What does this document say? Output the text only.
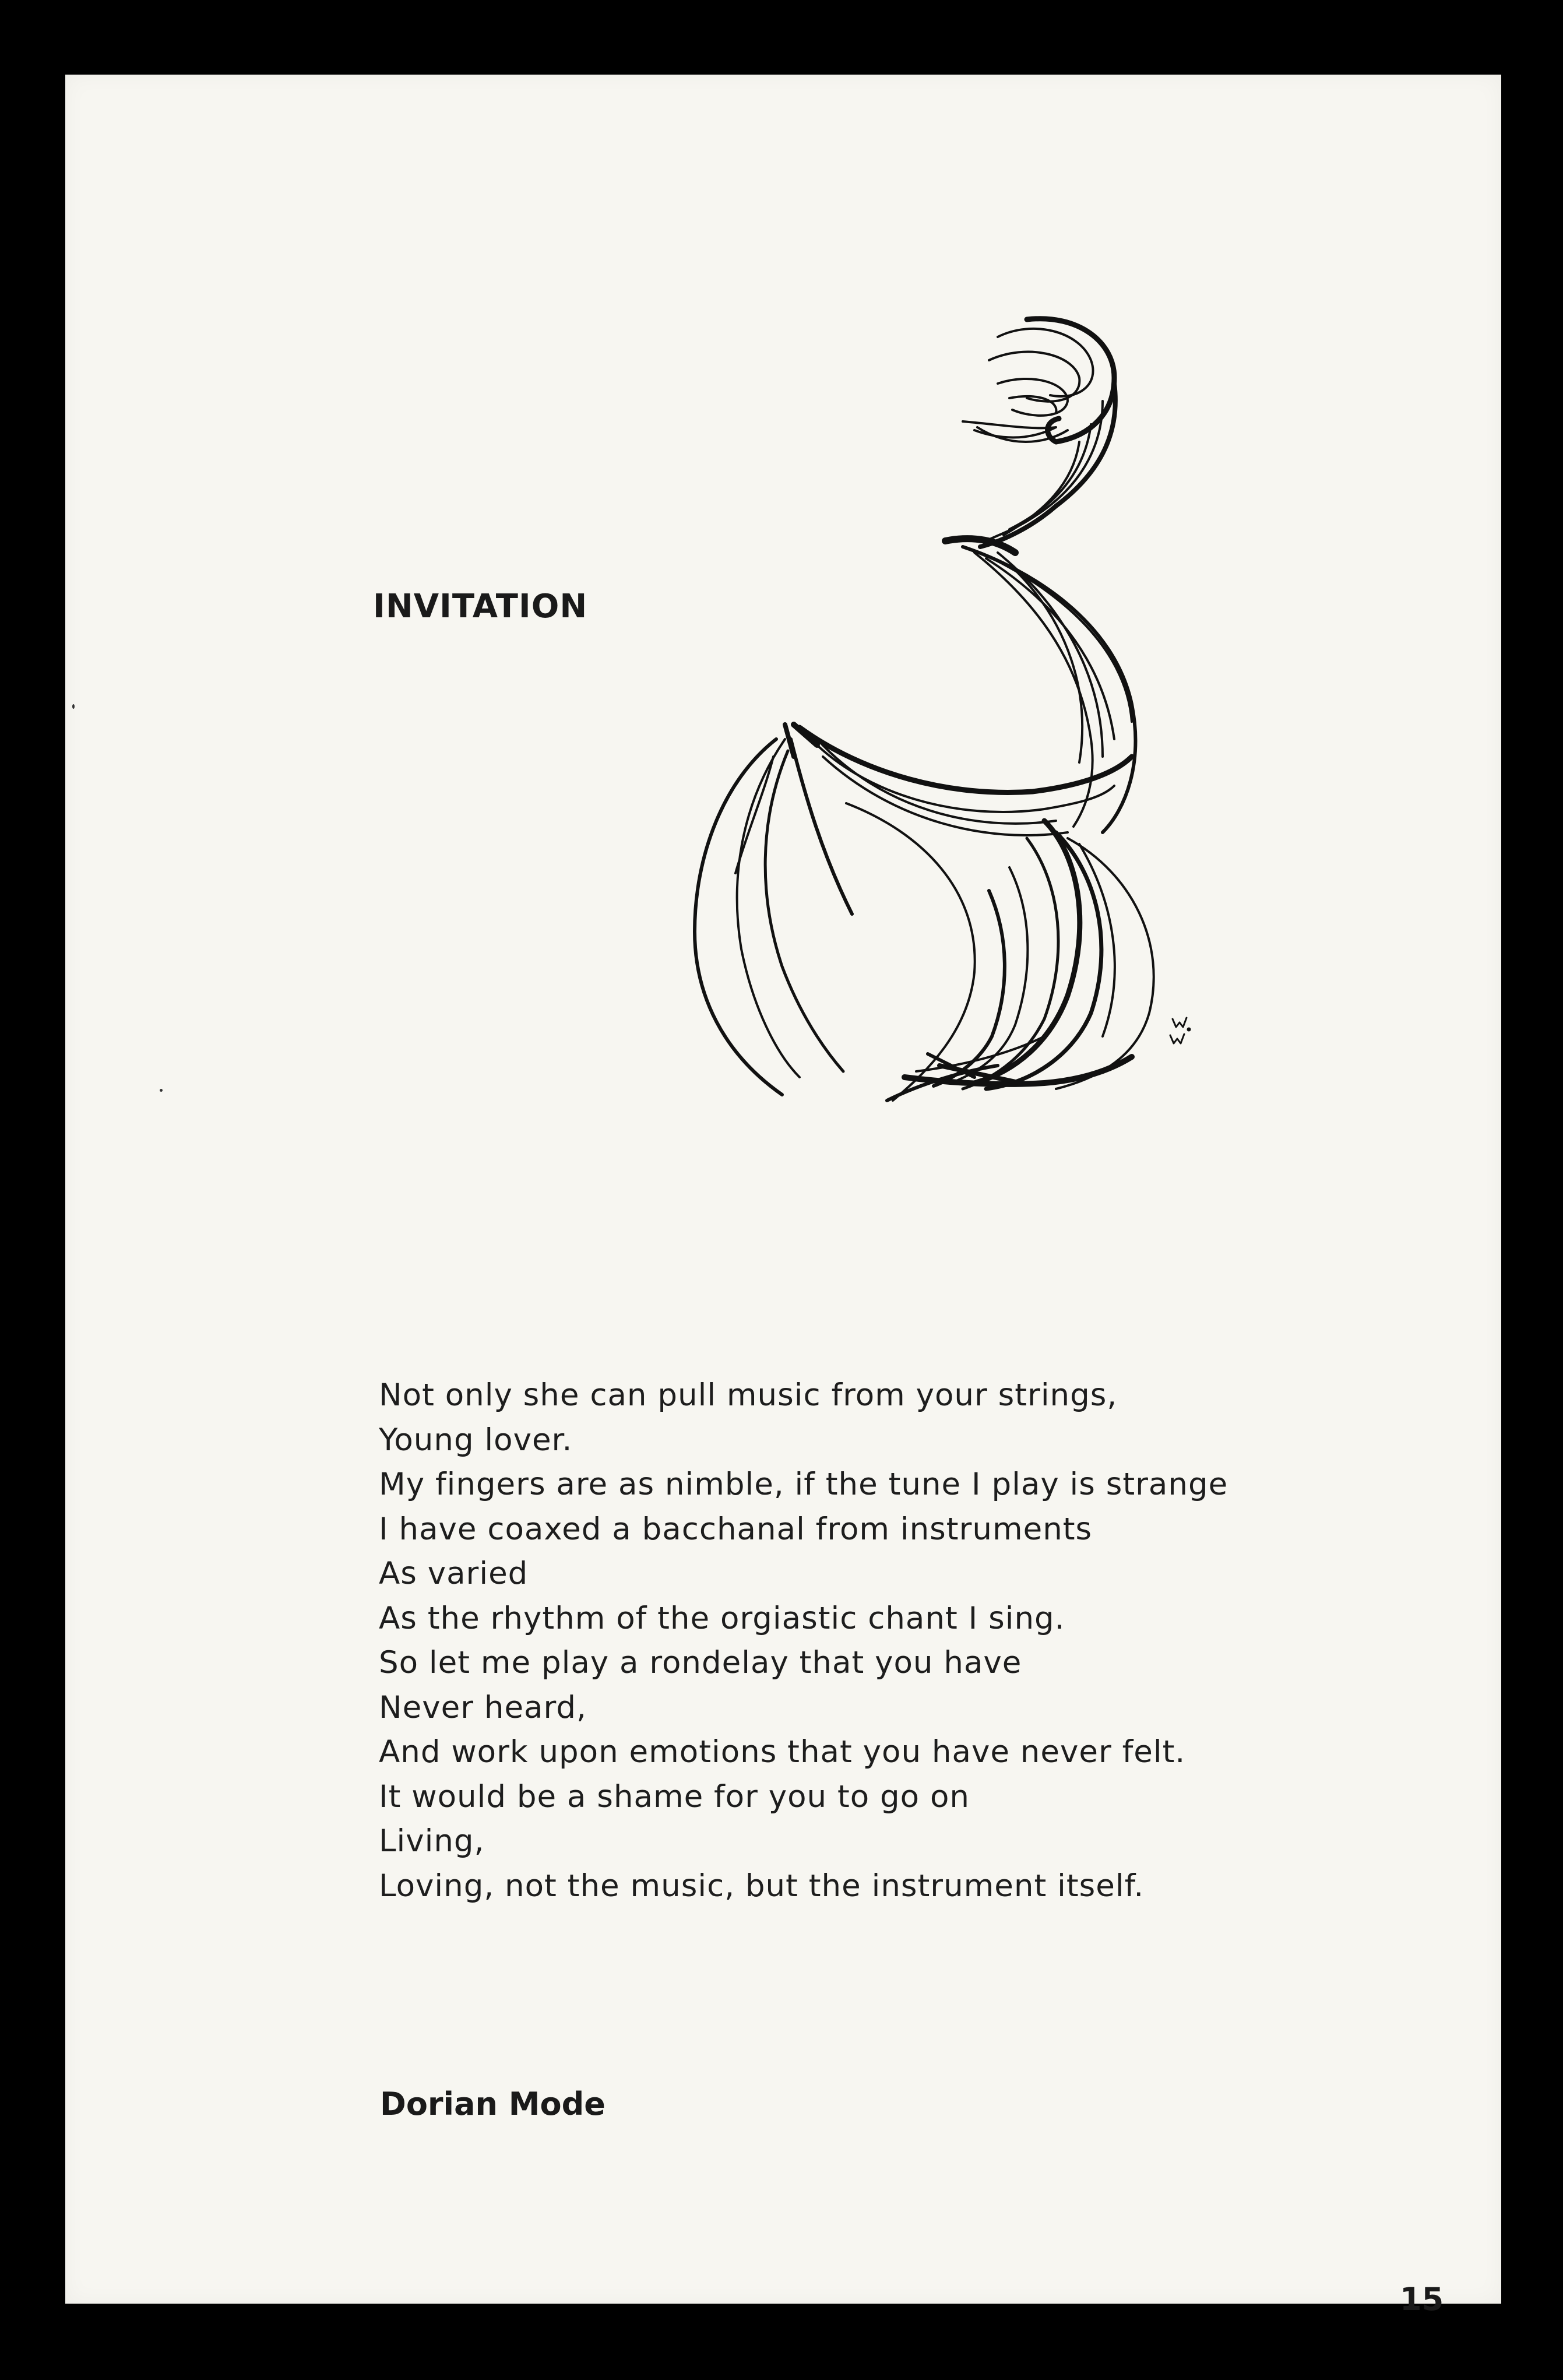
INVITATION
Not only she can pull music from your strings,
Young lover.
My fingers are as nimble, if the tune I play is strange
I have coaxed a bacchanal from instruments
As varied
As the rhythm of the orgiastic chant I sing.
So let me play a rondelay that you have
Never heard,
And work upon emotions that you have never felt.
It would be a shame for you to go on
Living,
Loving, not the music, but the instrument itself.

Dorian Mode

15
